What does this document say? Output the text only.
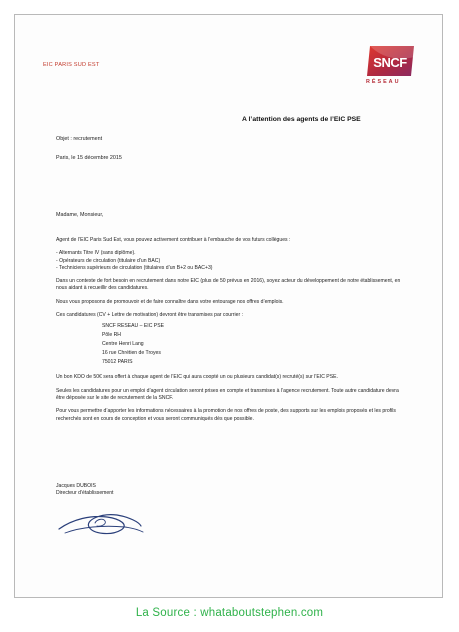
EIC PARIS SUD EST	SNCF
RÉSEAU
A l’attention des agents de l’EIC PSE
Objet : recrutement
Paris, le 15 décembre 2015
Madame, Monsieur,

Agent de l’EIC Paris Sud Est, vous pouvez activement contribuer à l’embauche de vos futurs collègues :

- Alternants Titre IV (sans diplôme).
- Opérateurs de circulation (titulaire d’un BAC)
- Techniciens supérieurs de circulation (titulaires d’un B+2 ou BAC+3)

Dans un contexte de fort besoin en recrutement dans notre EIC (plus de 50 prévus en 2016), soyez acteur du développement de notre établissement, en nous aidant à recueillir des candidatures.

Nous vous proposons de promouvoir et de faire connaître dans votre entourage nos offres d’emplois.

Ces candidatures (CV + Lettre de motivation) devront être transmises par courrier :

SNCF RESEAU – EIC PSE
Pôle RH
Centre Henri Lang
16 rue Chrétien de Troyes
75012 PARIS

Un bon KDO de 50€ sera offert à chaque agent de l’EIC qui aura coopté un ou plusieurs candidat(s) recruté(s) sur l’EIC PSE.

Seules les candidatures pour un emploi d’agent circulation seront prises en compte et transmises à l’agence recrutement. Toute autre candidature devra être déposée sur le site de recrutement de la SNCF.

Pour vous permettre d’apporter les informations nécessaires à la promotion de nos offres de poste, des supports sur les emplois proposés et les profils recherchés sont en cours de conception et vous seront communiqués dès que possible.

Jacques DUBOIS
Directeur d’établissement
La Source : whataboutstephen.com
